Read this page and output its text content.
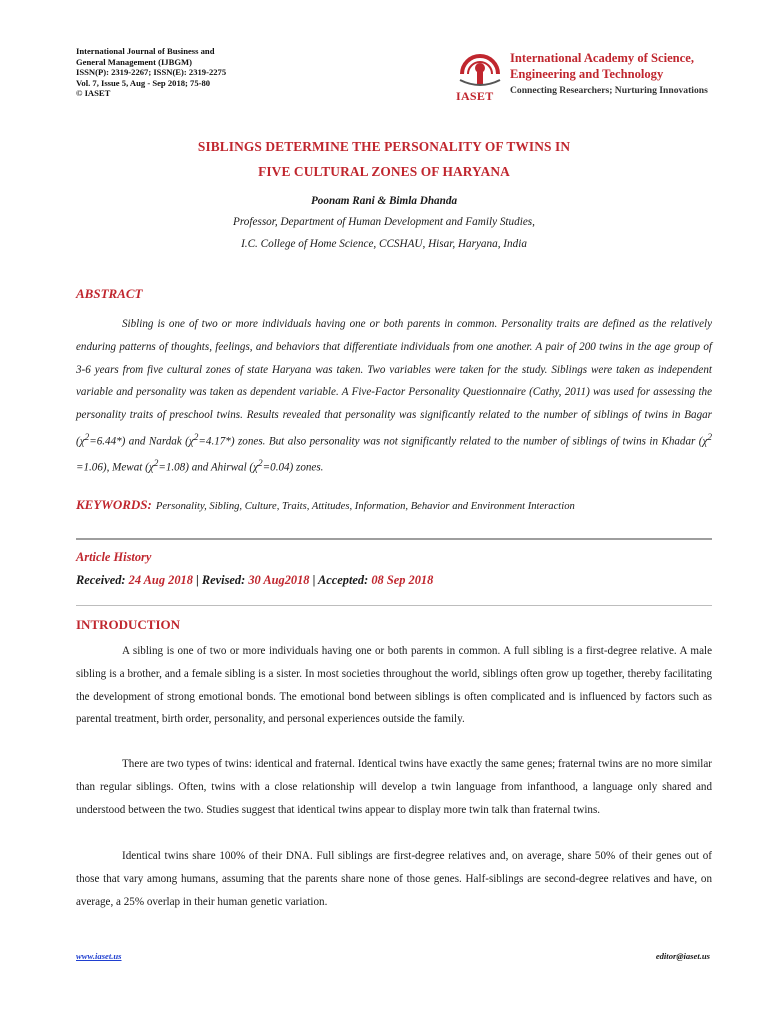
International Journal of Business and
General Management (IJBGM)
ISSN(P): 2319-2267; ISSN(E): 2319-2275
Vol. 7, Issue 5, Aug - Sep 2018; 75-80
© IASET	IASET
International Academy of Science,
Engineering and Technology
Connecting Researchers; Nurturing Innovations
SIBLINGS DETERMINE THE PERSONALITY OF TWINS IN
FIVE CULTURAL ZONES OF HARYANA
Poonam Rani & Bimla Dhanda
Professor, Department of Human Development and Family Studies,
I.C. College of Home Science, CCSHAU, Hisar, Haryana, India
ABSTRACT

Sibling is one of two or more individuals having one or both parents in common. Personality traits are defined as the relatively enduring patterns of thoughts, feelings, and behaviors that differentiate individuals from one another. A pair of 200 twins in the age group of 3-6 years from five cultural zones of state Haryana was taken. Two variables were taken for the study. Siblings were taken as independent variable and personality was taken as dependent variable. A Five-Factor Personality Questionnaire (Cathy, 2011) was used for assessing the personality traits of preschool twins. Results revealed that personality was significantly related to the number of siblings of twins in Bagar $(\chi^2=6.44*)$ and Nardak $(\chi^2=4.17*)$ zones. But also personality was not significantly related to the number of siblings of twins in Khadar $(\chi^2 =1.06)$, Mewat $(\chi^2=1.08)$ and Ahirwal $(\chi^2=0.04)$ zones.

KEYWORDS: Personality, Sibling, Culture, Traits, Attitudes, Information, Behavior and Environment Interaction
Article History
Received: 24 Aug 2018 | Revised: 30 Aug2018 | Accepted: 08 Sep 2018
INTRODUCTION

A sibling is one of two or more individuals having one or both parents in common. A full sibling is a first-degree relative. A male sibling is a brother, and a female sibling is a sister. In most societies throughout the world, siblings often grow up together, thereby facilitating the development of strong emotional bonds. The emotional bond between siblings is often complicated and is influenced by factors such as parental treatment, birth order, personality, and personal experiences outside the family.

There are two types of twins: identical and fraternal. Identical twins have exactly the same genes; fraternal twins are no more similar than regular siblings. Often, twins with a close relationship will develop a twin language from infanthood, a language only shared and understood between the two. Studies suggest that identical twins appear to display more twin talk than fraternal twins.

Identical twins share 100% of their DNA. Full siblings are first-degree relatives and, on average, share 50% of their genes out of those that vary among humans, assuming that the parents share none of those genes. Half-siblings are second-degree relatives and have, on average, a 25% overlap in their human genetic variation.

www.iaset.us	editor@iaset.us
